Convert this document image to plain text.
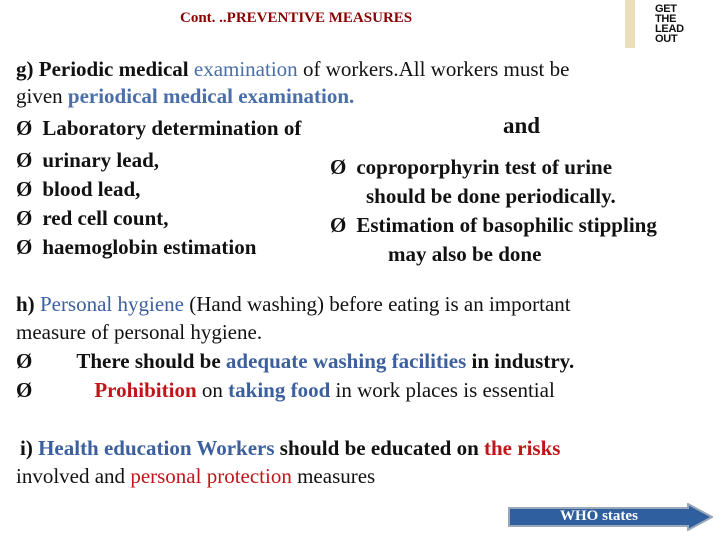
Cont. ..PREVENTIVE MEASURES
GET
THE
LEAD
OUT
g) Periodic medical examination of workers.All workers must be
given periodical medical examination.
Ø Laboratory determination of	and
Ø urinary lead,
Ø blood lead,
Ø red cell count,
Ø haemoglobin estimation
Ø coproporphyrin test of urine
should be done periodically.
Ø Estimation of basophilic stippling
may also be done
h) Personal hygiene (Hand washing) before eating is an important
measure of personal hygiene.
Ø There should be adequate washing facilities in industry.
Ø	Prohibition on taking food in work places is essential
i) Health education Workers should be educated on the risks
involved and personal protection measures
WHO states
